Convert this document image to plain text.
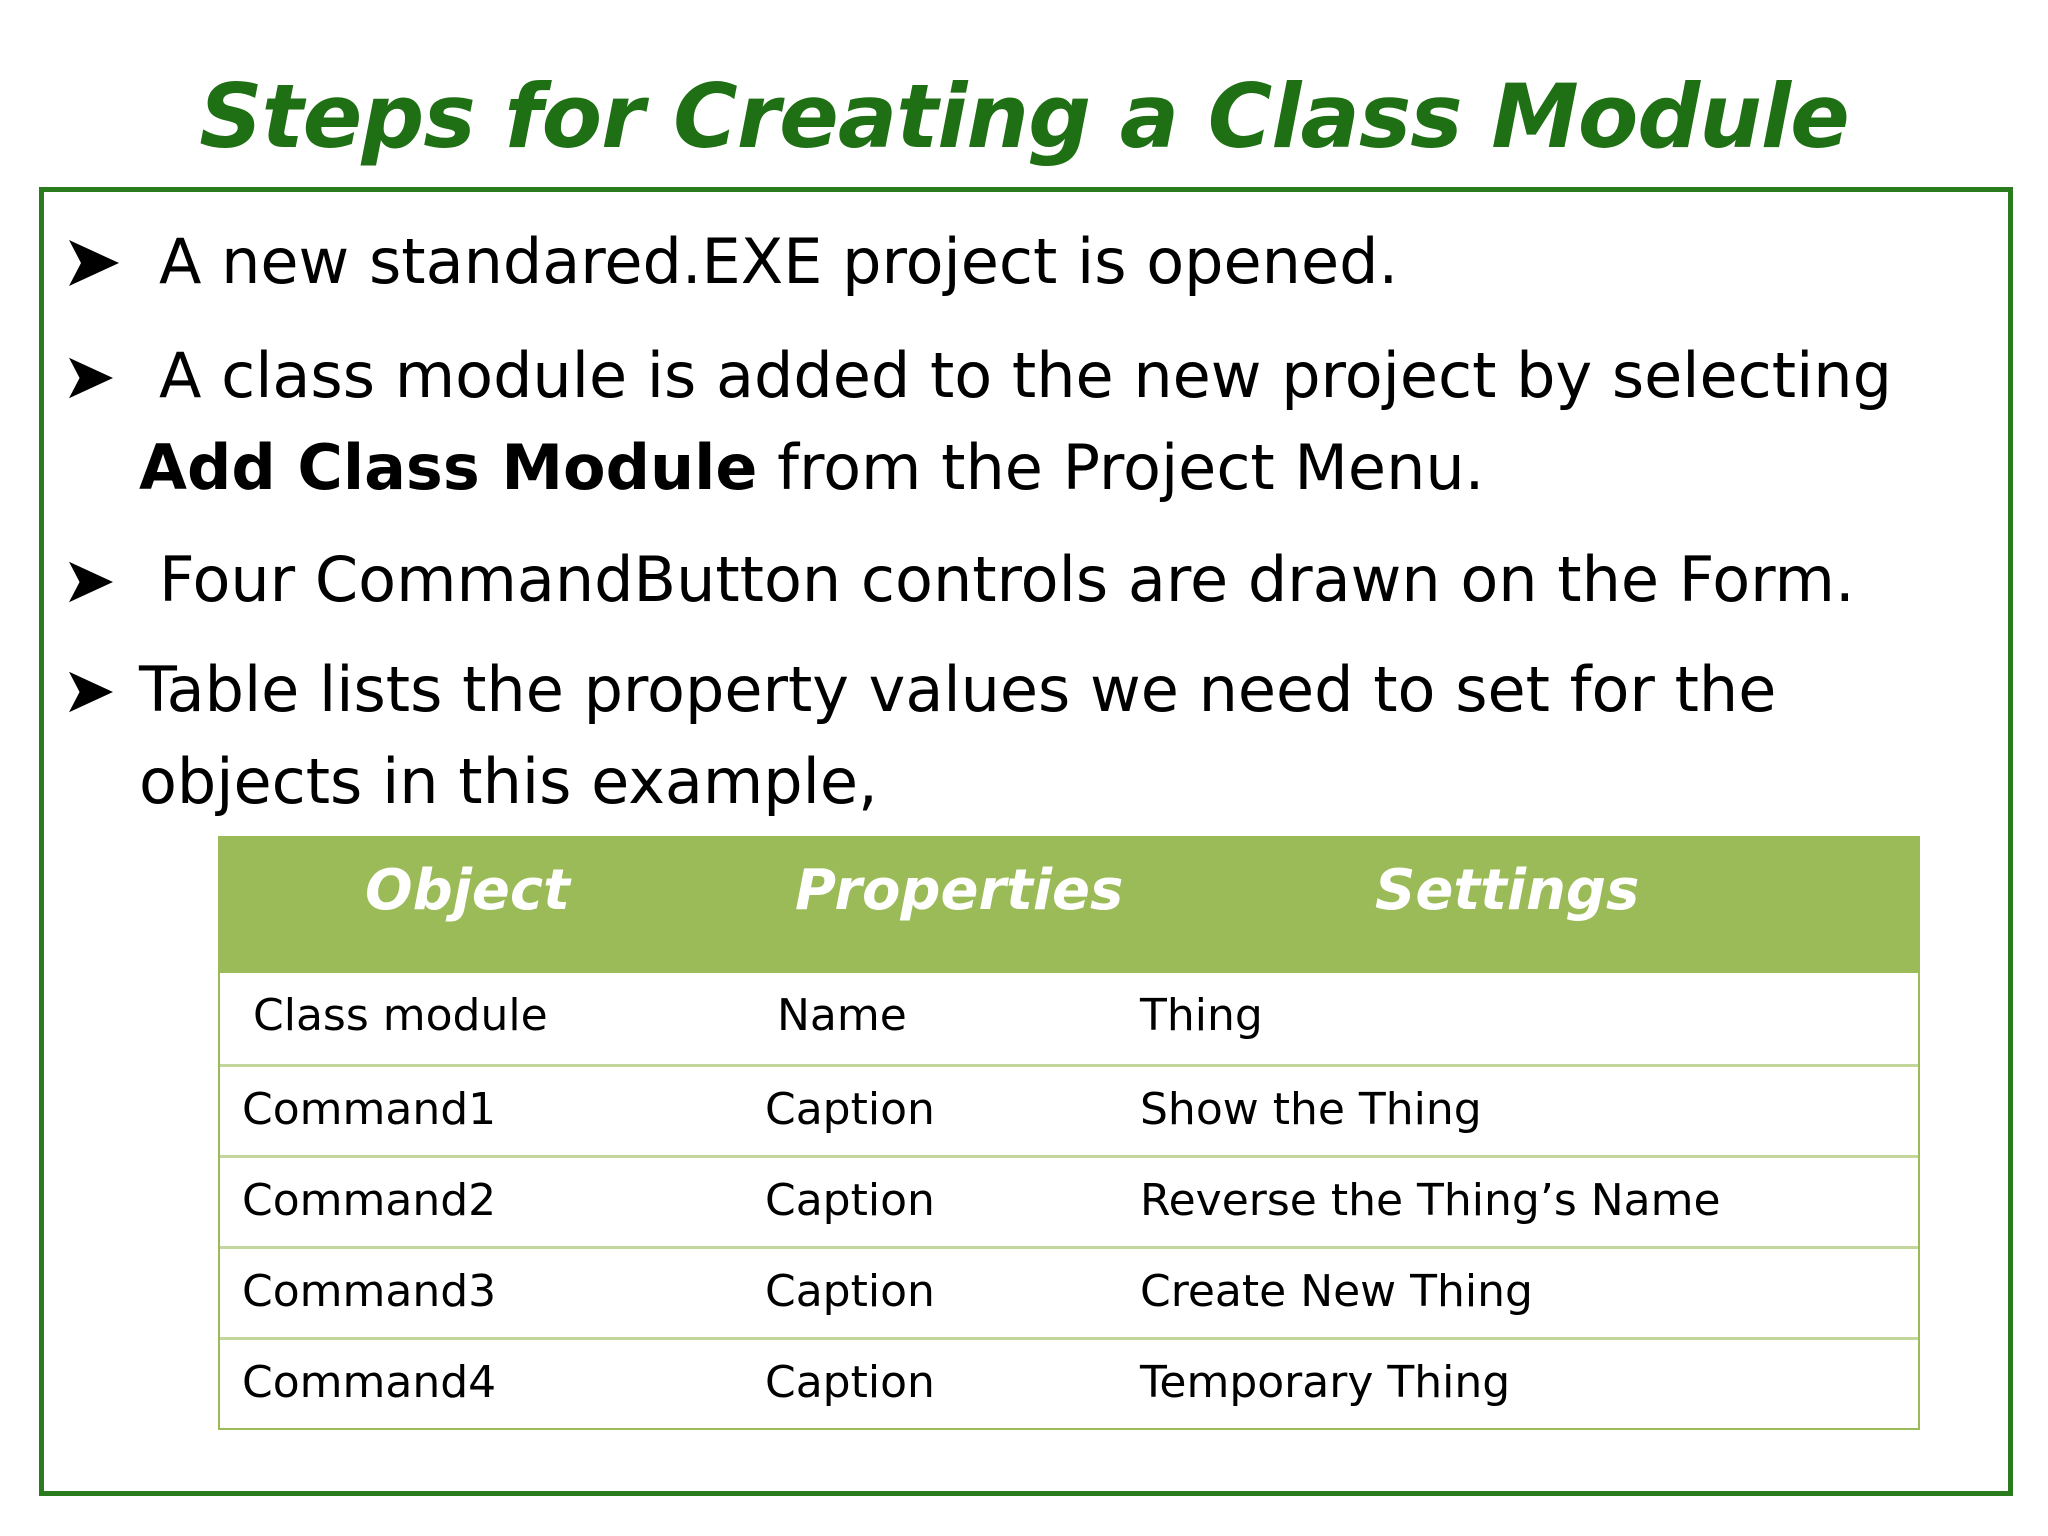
Steps for Creating a Class Module
A new standared.EXE project is opened.
A class module is added to the new project by selecting
Add Class Module from the Project Menu.
Four CommandButton controls are drawn on the Form.
Table lists the property values we need to set for the
objects in this example,
Object	Properties	Settings
Class module	Name	Thing
Command1	Caption	Show the Thing
Command2	Caption	Reverse the Thing’s Name
Command3	Caption	Create New Thing
Command4	Caption	Temporary Thing
